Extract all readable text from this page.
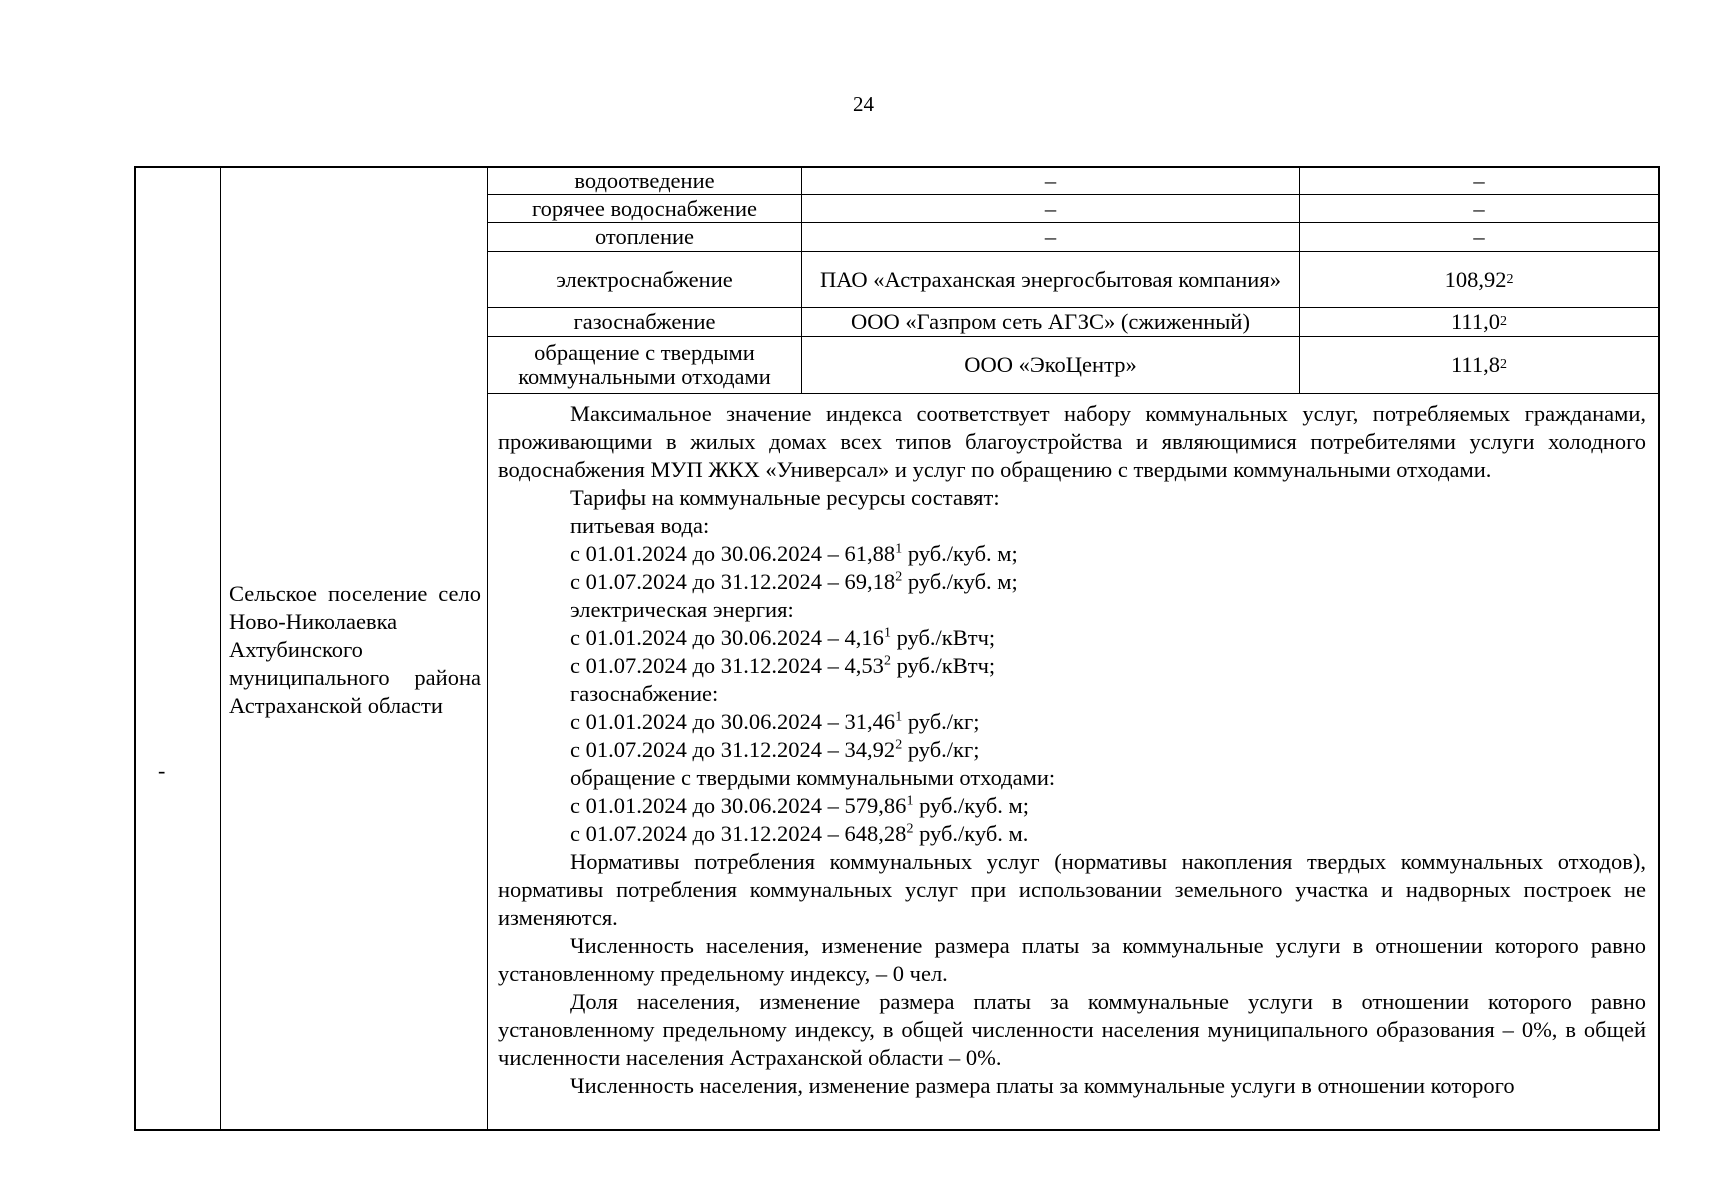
24
-
Сельское поселение село Ново-Николаевка Ахтубинского муниципального района Астраханской области
водоотведение	–	–
горячее водоснабжение	–	–
отопление	–	–
электроснабжение	ПАО «Астраханская энергосбытовая компания»	108,92 2
газоснабжение	ООО «Газпром сеть АГЗС» (сжиженный)	111,0 2
обращение с твердыми коммунальными отходами	ООО «ЭкоЦентр»	111,8 2

Максимальное значение индекса соответствует набору коммунальных услуг, потребляемых гражданами, проживающими в жилых домах всех типов благоустройства и являющимися потребителями услуги холодного водоснабжения МУП ЖКХ «Универсал» и услуг по обращению с твердыми коммунальными отходами.

Тарифы на коммунальные ресурсы составят:

питьевая вода:

с 01.01.2024 до 30.06.2024 – 61,88$^1$ руб./куб. м;

с 01.07.2024 до 31.12.2024 – 69,18$^2$ руб./куб. м;

электрическая энергия:

с 01.01.2024 до 30.06.2024 – 4,16$^1$ руб./кВтч;

с 01.07.2024 до 31.12.2024 – 4,53$^2$ руб./кВтч;

газоснабжение:

с 01.01.2024 до 30.06.2024 – 31,46$^1$ руб./кг;

с 01.07.2024 до 31.12.2024 – 34,92$^2$ руб./кг;

обращение с твердыми коммунальными отходами:

с 01.01.2024 до 30.06.2024 – 579,86$^1$ руб./куб. м;

с 01.07.2024 до 31.12.2024 – 648,28$^2$ руб./куб. м.

Нормативы потребления коммунальных услуг (нормативы накопления твердых коммунальных отходов), нормативы потребления коммунальных услуг при использовании земельного участка и надворных построек не изменяются.

Численность населения, изменение размера платы за коммунальные услуги в отношении которого равно установленному предельному индексу, – 0 чел.

Доля населения, изменение размера платы за коммунальные услуги в отношении которого равно установленному предельному индексу, в общей численности населения муниципального образования – 0%, в общей численности населения Астраханской области – 0%.

Численность населения, изменение размера платы за коммунальные услуги в отношении которого
